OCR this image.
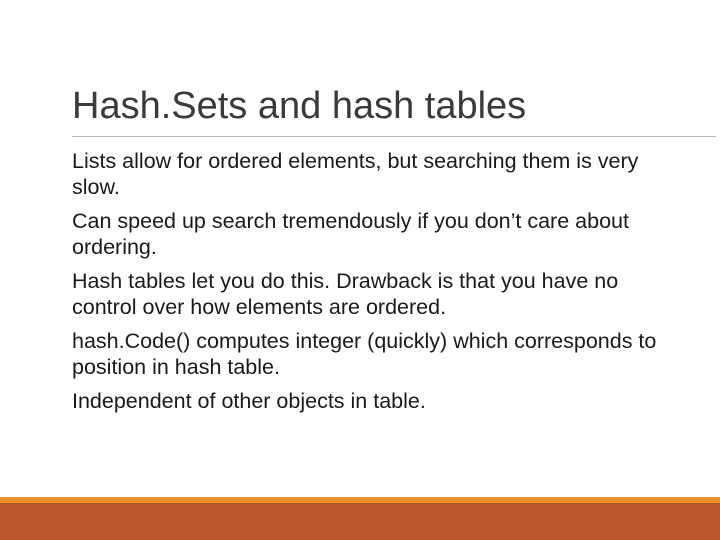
Hash.Sets and hash tables
Lists allow for ordered elements, but searching them is very slow.
Can speed up search tremendously if you don’t care about ordering.
Hash tables let you do this. Drawback is that you have no control over how elements are ordered.
hash.Code() computes integer (quickly) which corresponds to position in hash table.
Independent of other objects in table.
